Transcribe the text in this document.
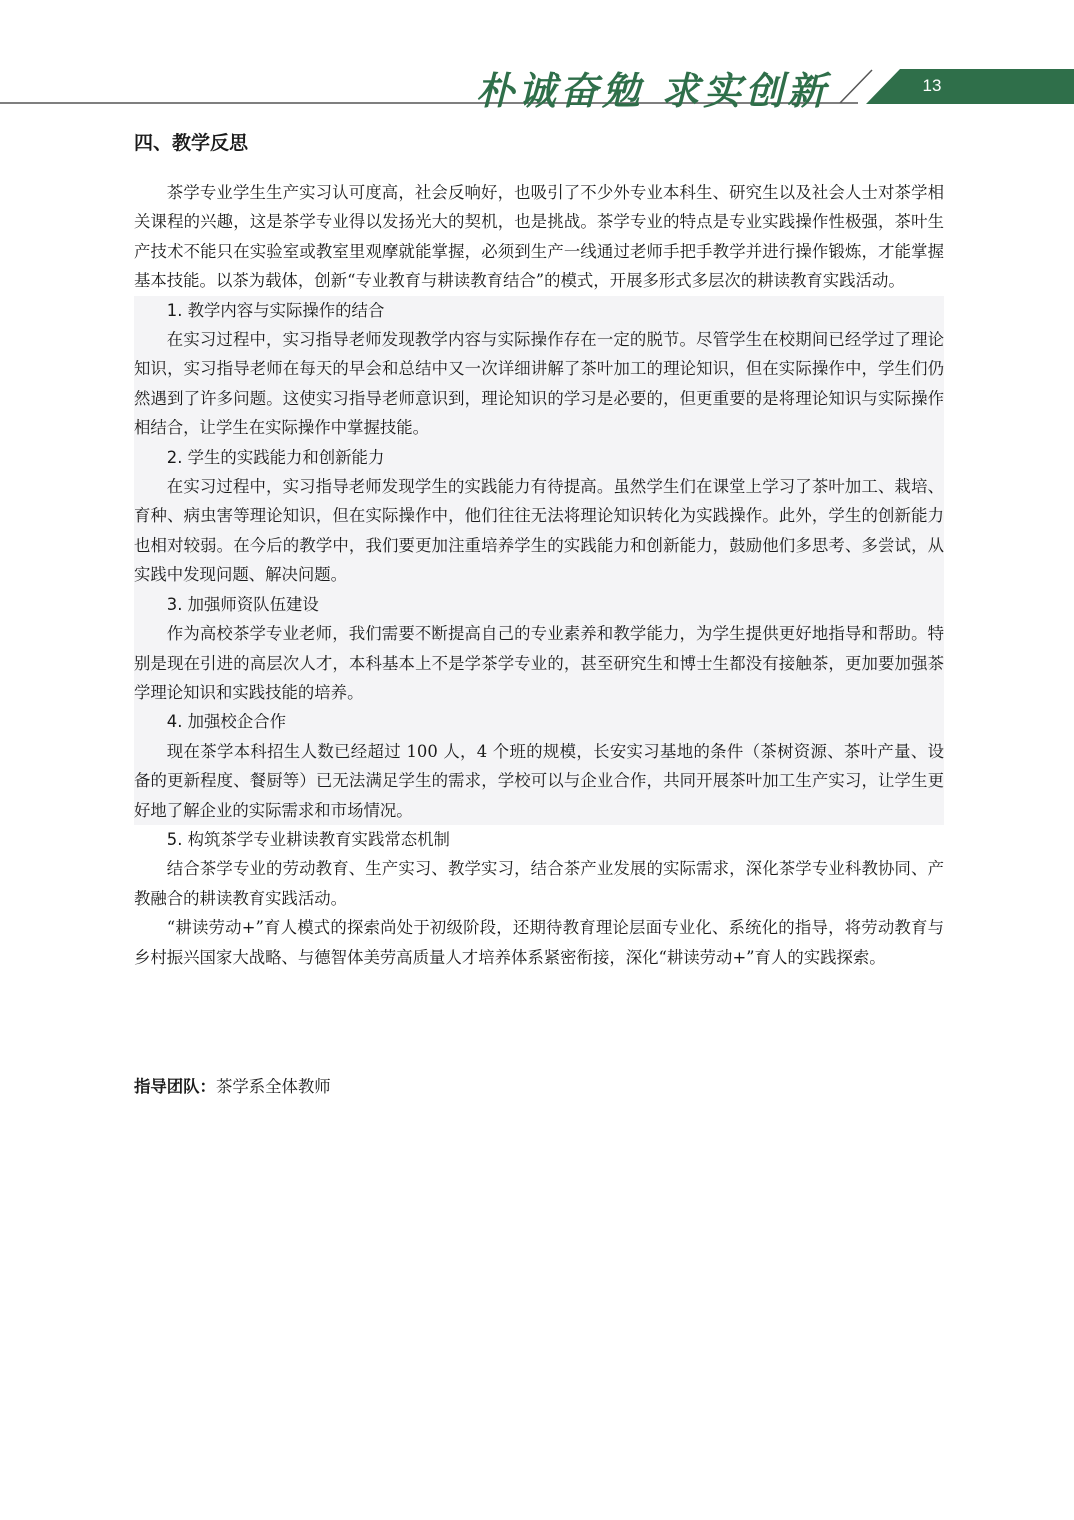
朴诚奋勉 求实创新	13
四、教学反思

茶学专业学生生产实习认可度高，社会反响好，也吸引了不少外专业本科生、研究生以及社会人士对茶学相关课程的兴趣，这是茶学专业得以发扬光大的契机，也是挑战。茶学专业的特点是专业实践操作性极强，茶叶生产技术不能只在实验室或教室里观摩就能掌握，必须到生产一线通过老师手把手教学并进行操作锻炼，才能掌握基本技能。以茶为载体，创新“专业教育与耕读教育结合”的模式，开展多形式多层次的耕读教育实践活动。

1. 教学内容与实际操作的结合

在实习过程中，实习指导老师发现教学内容与实际操作存在一定的脱节。尽管学生在校期间已经学过了理论知识，实习指导老师在每天的早会和总结中又一次详细讲解了茶叶加工的理论知识，但在实际操作中，学生们仍然遇到了许多问题。这使实习指导老师意识到，理论知识的学习是必要的，但更重要的是将理论知识与实际操作相结合，让学生在实际操作中掌握技能。

2. 学生的实践能力和创新能力

在实习过程中，实习指导老师发现学生的实践能力有待提高。虽然学生们在课堂上学习了茶叶加工、栽培、育种、病虫害等理论知识，但在实际操作中，他们往往无法将理论知识转化为实践操作。此外，学生的创新能力也相对较弱。在今后的教学中，我们要更加注重培养学生的实践能力和创新能力，鼓励他们多思考、多尝试，从实践中发现问题、解决问题。

3. 加强师资队伍建设

作为高校茶学专业老师，我们需要不断提高自己的专业素养和教学能力，为学生提供更好地指导和帮助。特别是现在引进的高层次人才，本科基本上不是学茶学专业的，甚至研究生和博士生都没有接触茶，更加要加强茶学理论知识和实践技能的培养。

4. 加强校企合作

现在茶学本科招生人数已经超过 100 人，4 个班的规模，长安实习基地的条件（茶树资源、茶叶产量、设备的更新程度、餐厨等）已无法满足学生的需求，学校可以与企业合作，共同开展茶叶加工生产实习，让学生更好地了解企业的实际需求和市场情况。

5. 构筑茶学专业耕读教育实践常态机制

结合茶学专业的劳动教育、生产实习、教学实习，结合茶产业发展的实际需求，深化茶学专业科教协同、产教融合的耕读教育实践活动。

“耕读劳动+”育人模式的探索尚处于初级阶段，还期待教育理论层面专业化、系统化的指导，将劳动教育与乡村振兴国家大战略、与德智体美劳高质量人才培养体系紧密衔接，深化“耕读劳动+”育人的实践探索。

指导团队：茶学系全体教师
